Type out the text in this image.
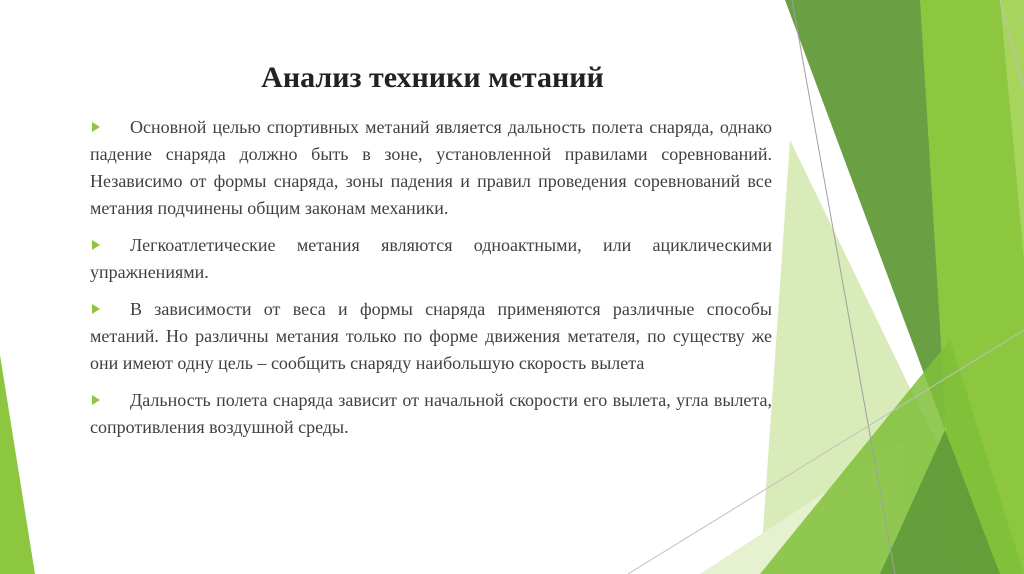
Анализ техники метаний

Основной целью спортивных метаний является дальность полета снаряда, однако падение снаряда должно быть в зоне, установленной правилами соревнований. Независимо от формы снаряда, зоны падения и правил проведения соревнований все метания подчинены общим законам механики.

Легкоатлетические метания являются одноактными, или ациклическими упражнениями.

В зависимости от веса и формы снаряда применяются различные способы метаний. Но различны метания только по форме движения метателя, по существу же они имеют одну цель – сообщить снаряду наибольшую скорость вылета

Дальность полета снаряда зависит от начальной скорости его вылета, угла вылета, сопротивления воздушной среды.
